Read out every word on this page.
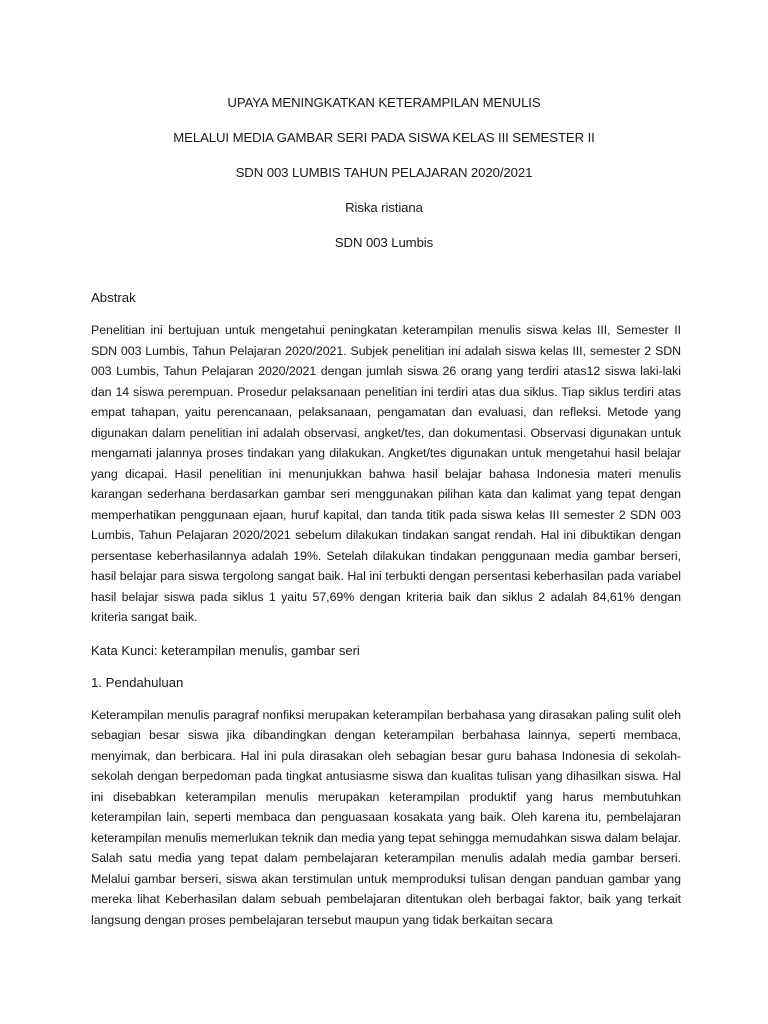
UPAYA MENINGKATKAN KETERAMPILAN MENULIS
MELALUI MEDIA GAMBAR SERI PADA SISWA KELAS III SEMESTER II
SDN 003 LUMBIS TAHUN PELAJARAN 2020/2021
Riska ristiana
SDN 003 Lumbis
Abstrak

Penelitian ini bertujuan untuk mengetahui peningkatan keterampilan menulis siswa kelas III, Semester II SDN 003 Lumbis, Tahun Pelajaran 2020/2021. Subjek penelitian ini adalah siswa kelas III, semester 2 SDN 003 Lumbis, Tahun Pelajaran 2020/2021 dengan jumlah siswa 26 orang yang terdiri atas12 siswa laki-laki dan 14 siswa perempuan. Prosedur pelaksanaan penelitian ini terdiri atas dua siklus. Tiap siklus terdiri atas empat tahapan, yaitu perencanaan, pelaksanaan, pengamatan dan evaluasi, dan refleksi. Metode yang digunakan dalam penelitian ini adalah observasi, angket/tes, dan dokumentasi. Observasi digunakan untuk mengamati jalannya proses tindakan yang dilakukan. Angket/tes digunakan untuk mengetahui hasil belajar yang dicapai. Hasil penelitian ini menunjukkan bahwa hasil belajar bahasa Indonesia materi menulis karangan sederhana berdasarkan gambar seri menggunakan pilihan kata dan kalimat yang tepat dengan memperhatikan penggunaan ejaan, huruf kapital, dan tanda titik pada siswa kelas III semester 2 SDN 003 Lumbis, Tahun Pelajaran 2020/2021 sebelum dilakukan tindakan sangat rendah. Hal ini dibuktikan dengan persentase keberhasilannya adalah 19%. Setelah dilakukan tindakan penggunaan media gambar berseri, hasil belajar para siswa tergolong sangat baik. Hal ini terbukti dengan persentasi keberhasilan pada variabel hasil belajar siswa pada siklus 1 yaitu 57,69% dengan kriteria baik dan siklus 2 adalah 84,61% dengan kriteria sangat baik.

Kata Kunci: keterampilan menulis, gambar seri
1. Pendahuluan

Keterampilan menulis paragraf nonfiksi merupakan keterampilan berbahasa yang dirasakan paling sulit oleh sebagian besar siswa jika dibandingkan dengan keterampilan berbahasa lainnya, seperti membaca, menyimak, dan berbicara. Hal ini pula dirasakan oleh sebagian besar guru bahasa Indonesia di sekolah-sekolah dengan berpedoman pada tingkat antusiasme siswa dan kualitas tulisan yang dihasilkan siswa. Hal ini disebabkan keterampilan menulis merupakan keterampilan produktif yang harus membutuhkan keterampilan lain, seperti membaca dan penguasaan kosakata yang baik. Oleh karena itu, pembelajaran keterampilan menulis memerlukan teknik dan media yang tepat sehingga memudahkan siswa dalam belajar. Salah satu media yang tepat dalam pembelajaran keterampilan menulis adalah media gambar berseri. Melalui gambar berseri, siswa akan terstimulan untuk memproduksi tulisan dengan panduan gambar yang mereka lihat Keberhasilan dalam sebuah pembelajaran ditentukan oleh berbagai faktor, baik yang terkait langsung dengan proses pembelajaran tersebut maupun yang tidak berkaitan secara
